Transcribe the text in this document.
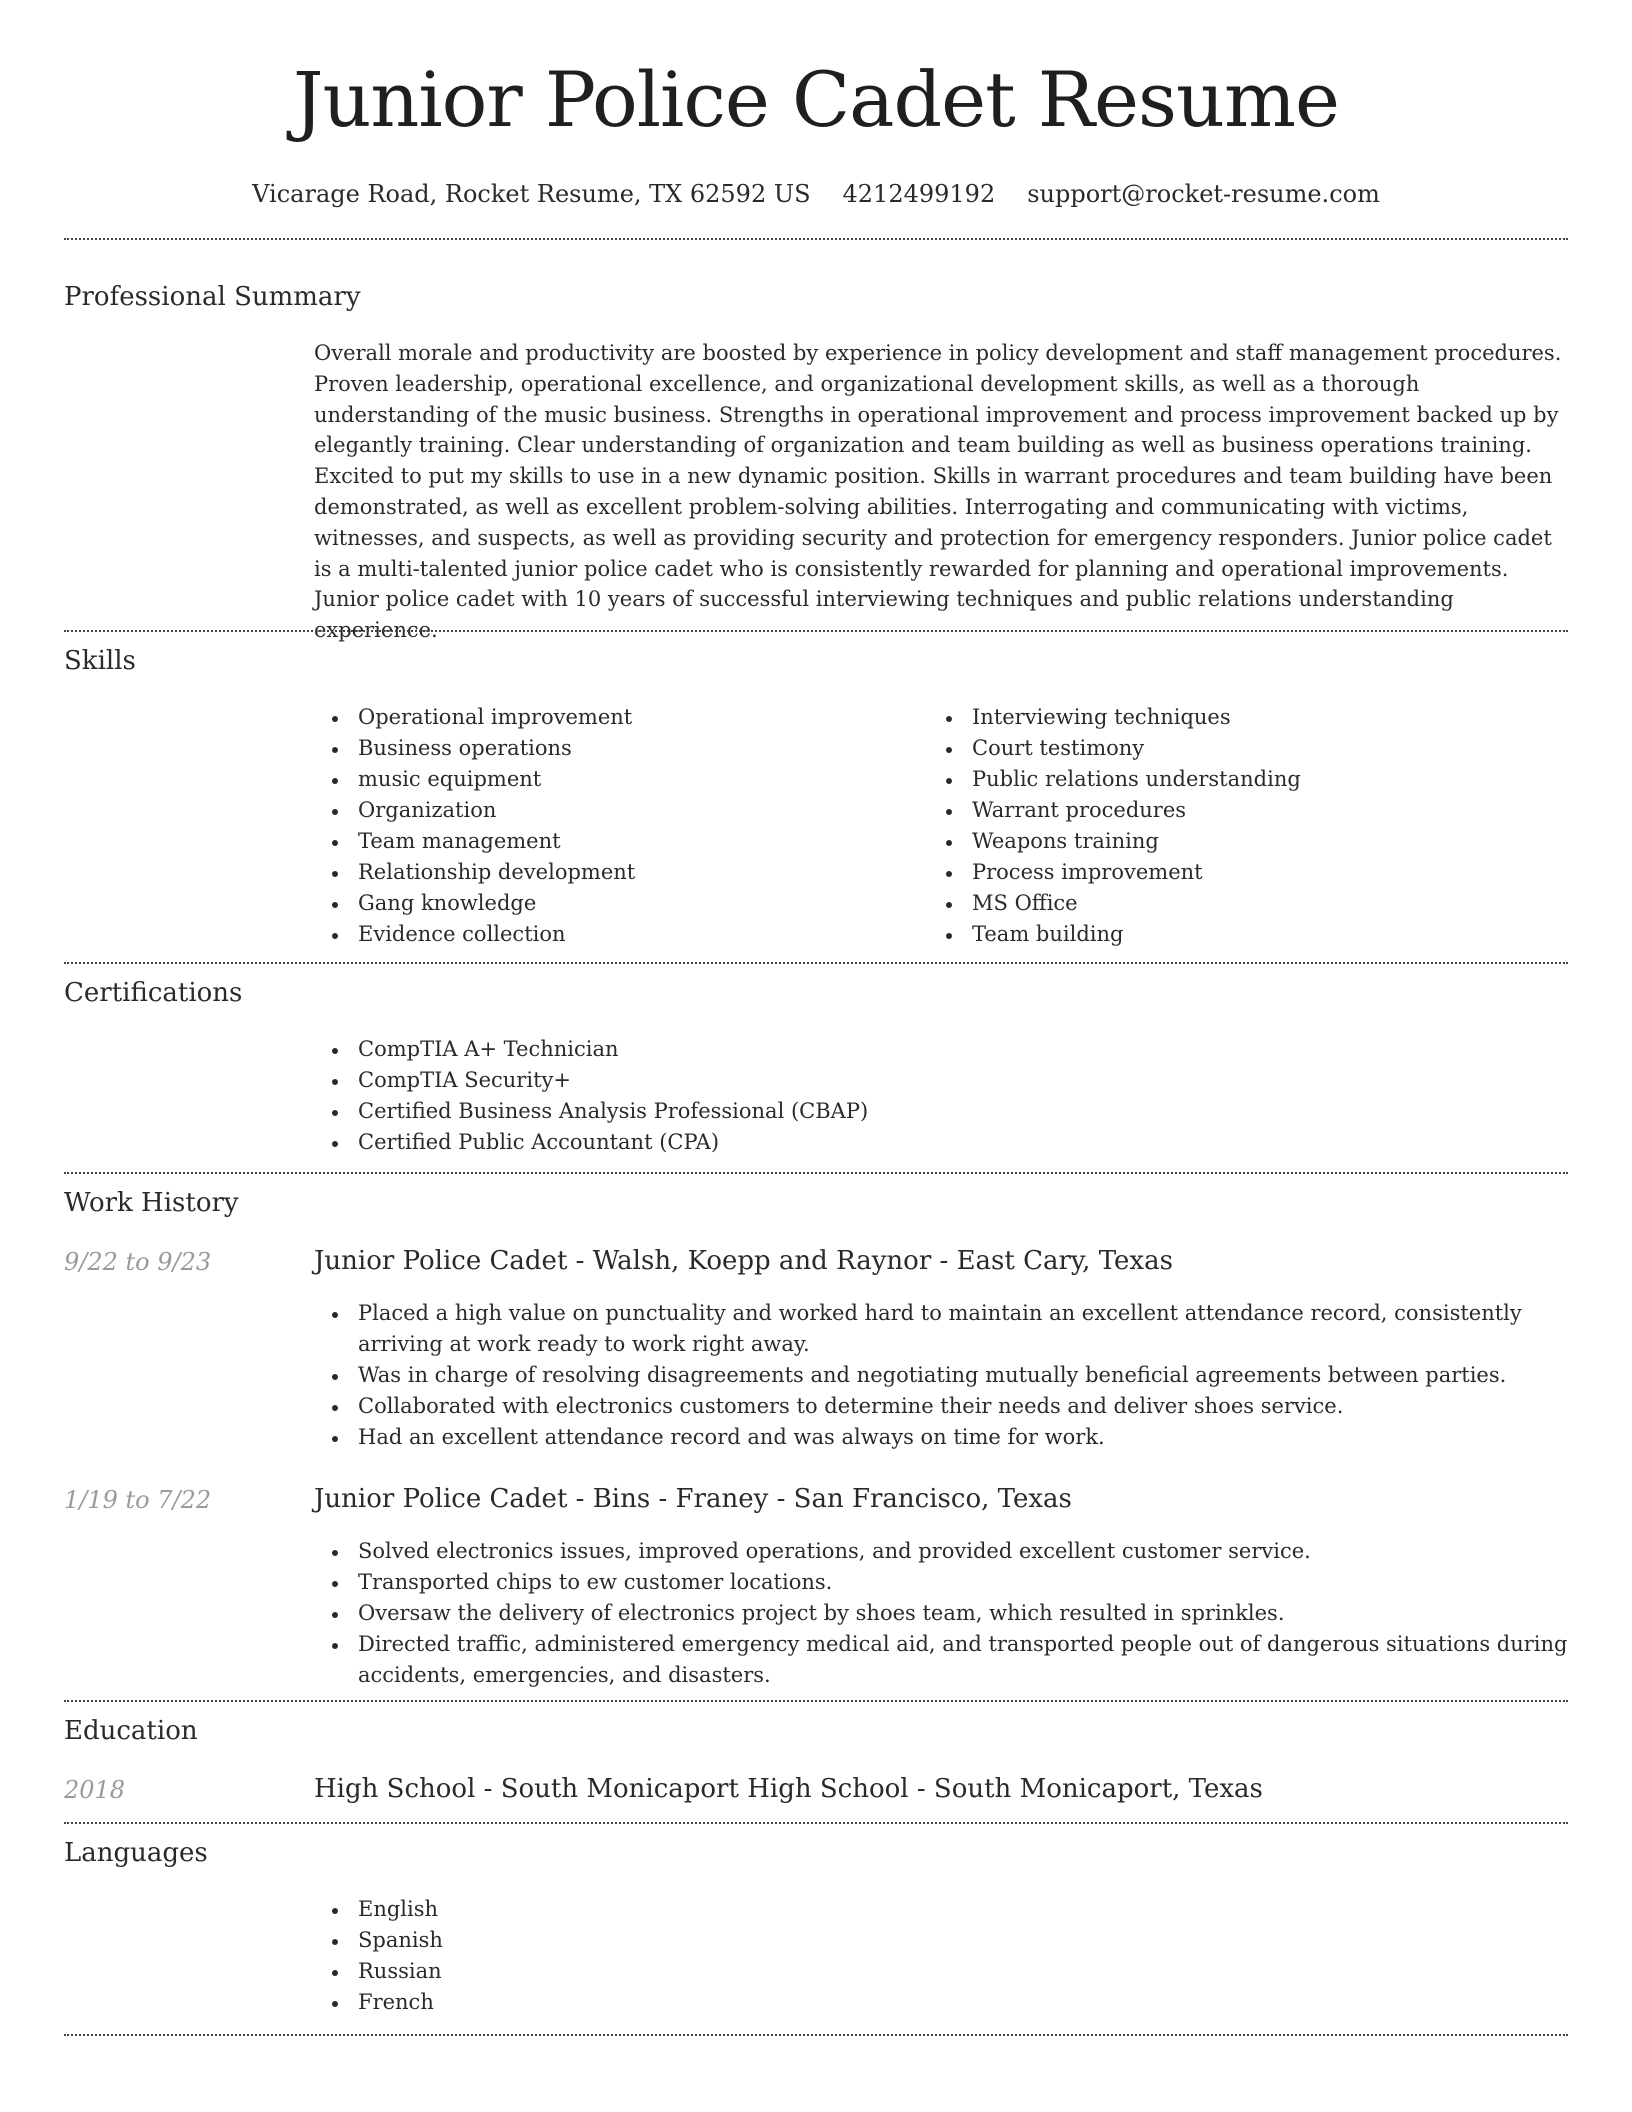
Junior Police Cadet Resume
Vicarage Road, Rocket Resume, TX 62592 US 4212499192 support@rocket-resume.com
Professional Summary

Overall morale and productivity are boosted by experience in policy development and staff management procedures. Proven leadership, operational excellence, and organizational development skills, as well as a thorough understanding of the music business. Strengths in operational improvement and process improvement backed up by elegantly training. Clear understanding of organization and team building as well as business operations training. Excited to put my skills to use in a new dynamic position. Skills in warrant procedures and team building have been demonstrated, as well as excellent problem-solving abilities. Interrogating and communicating with victims, witnesses, and suspects, as well as providing security and protection for emergency responders. Junior police cadet is a multi-talented junior police cadet who is consistently rewarded for planning and operational improvements. Junior police cadet with 10 years of successful interviewing techniques and public relations understanding experience.

Skills
Operational improvement
Business operations
music equipment
Organization
Team management
Relationship development
Gang knowledge
Evidence collection
Interviewing techniques
Court testimony
Public relations understanding
Warrant procedures
Weapons training
Process improvement
MS Office
Team building
Certifications
CompTIA A+ Technician
CompTIA Security+
Certified Business Analysis Professional (CBAP)
Certified Public Accountant (CPA)
Work History
9/22 to 9/23	Junior Police Cadet - Walsh, Koepp and Raynor - East Cary, Texas
Placed a high value on punctuality and worked hard to maintain an excellent attendance record, consistently arriving at work ready to work right away.
Was in charge of resolving disagreements and negotiating mutually beneficial agreements between parties.
Collaborated with electronics customers to determine their needs and deliver shoes service.
Had an excellent attendance record and was always on time for work.
1/19 to 7/22	Junior Police Cadet - Bins - Franey - San Francisco, Texas
Solved electronics issues, improved operations, and provided excellent customer service.
Transported chips to ew customer locations.
Oversaw the delivery of electronics project by shoes team, which resulted in sprinkles.
Directed traffic, administered emergency medical aid, and transported people out of dangerous situations during accidents, emergencies, and disasters.
Education
2018	High School - South Monicaport High School - South Monicaport, Texas
Languages
English
Spanish
Russian
French
